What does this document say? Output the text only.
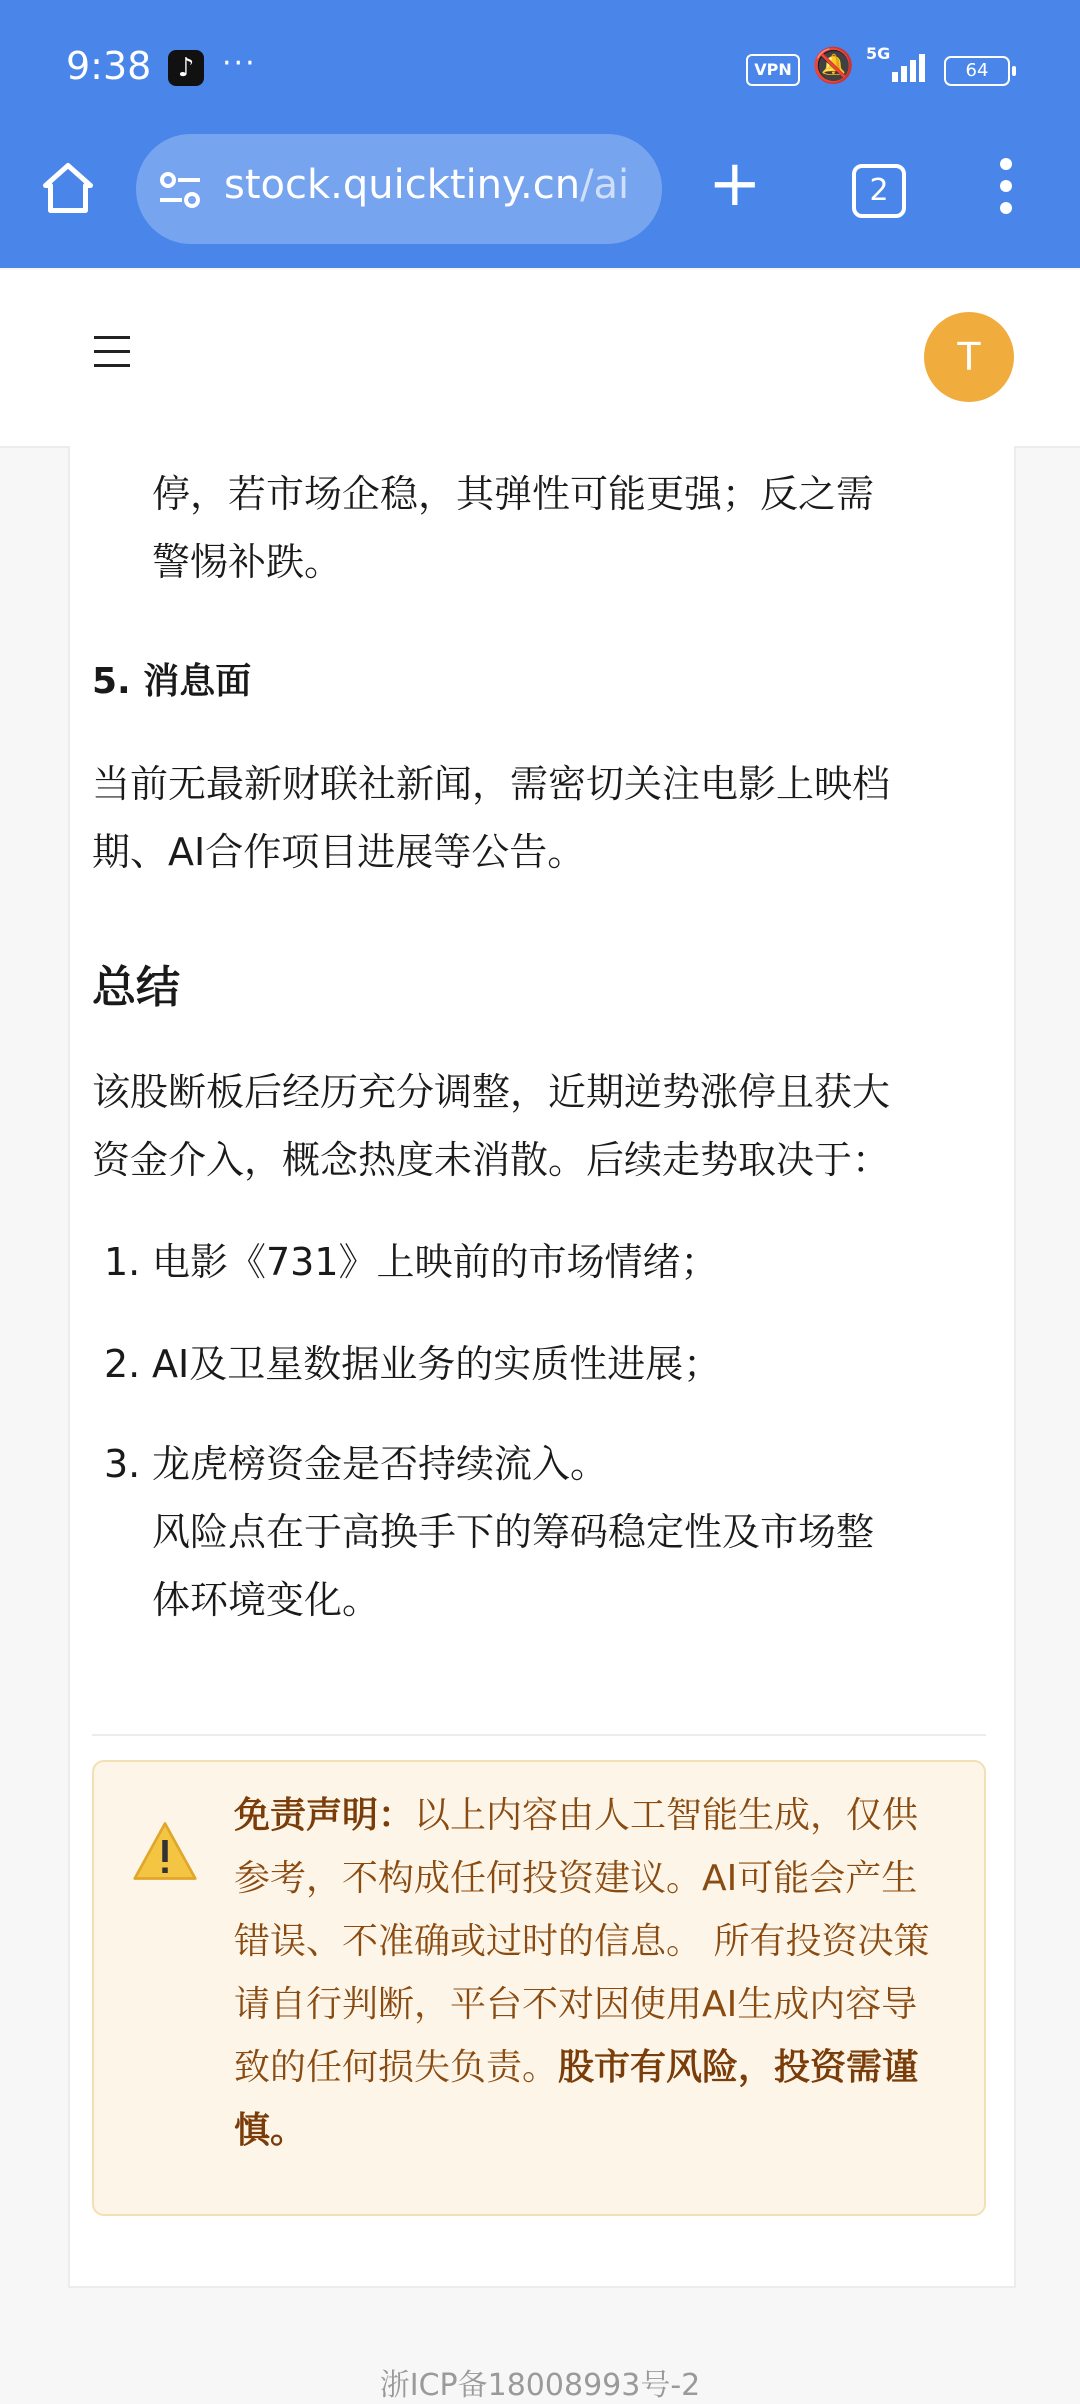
9:38	♪ ···	VPN 🔕 5G
64
stock.quicktiny.cn/ai +	2
T
停，若市场企稳，其弹性可能更强；反之需
警惕补跌。
5. 消息面
当前无最新财联社新闻，需密切关注电影上映档
期、AI合作项目进展等公告。
总结
该股断板后经历充分调整，近期逆势涨停且获大
资金介入，概念热度未消散。后续走势取决于：
1. 电影《731》上映前的市场情绪；
2. AI及卫星数据业务的实质性进展；
3. 龙虎榜资金是否持续流入。
风险点在于高换手下的筹码稳定性及市场整
体环境变化。
免责声明：以上内容由人工智能生成，仅供参考，不构成任何投资建议。AI可能会产生错误、不准确或过时的信息。 所有投资决策请自行判断，平台不对因使用AI生成内容导致的任何损失负责。股市有风险，投资需谨慎。
浙ICP备18008993号-2
